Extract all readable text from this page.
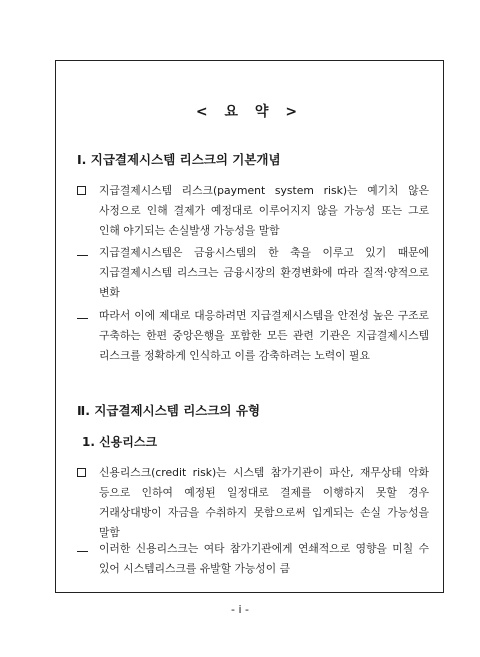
< 요 약 >
Ⅰ. 지급결제시스템 리스크의 기본개념
지급결제시스템 리스크(payment system risk)는 예기치 않은 사정으로 인해 결제가 예정대로 이루어지지 않을 가능성 또는 그로 인해 야기되는 손실발생 가능성을 말함
지급결제시스템은 금융시스템의 한 축을 이루고 있기 때문에 지급결제시스템 리스크는 금융시장의 환경변화에 따라 질적·양적으로 변화
따라서 이에 제대로 대응하려면 지급결제시스템을 안전성 높은 구조로 구축하는 한편 중앙은행을 포함한 모든 관련 기관은 지급결제시스템 리스크를 정확하게 인식하고 이를 감축하려는 노력이 필요
Ⅱ. 지급결제시스템 리스크의 유형
1. 신용리스크
신용리스크(credit risk)는 시스템 참가기관이 파산, 재무상태 악화 등으로 인하여 예정된 일정대로 결제를 이행하지 못할 경우 거래상대방이 자금을 수취하지 못함으로써 입게되는 손실 가능성을 말함
이러한 신용리스크는 여타 참가기관에게 연쇄적으로 영향을 미칠 수 있어 시스템리스크를 유발할 가능성이 큼
- i -
